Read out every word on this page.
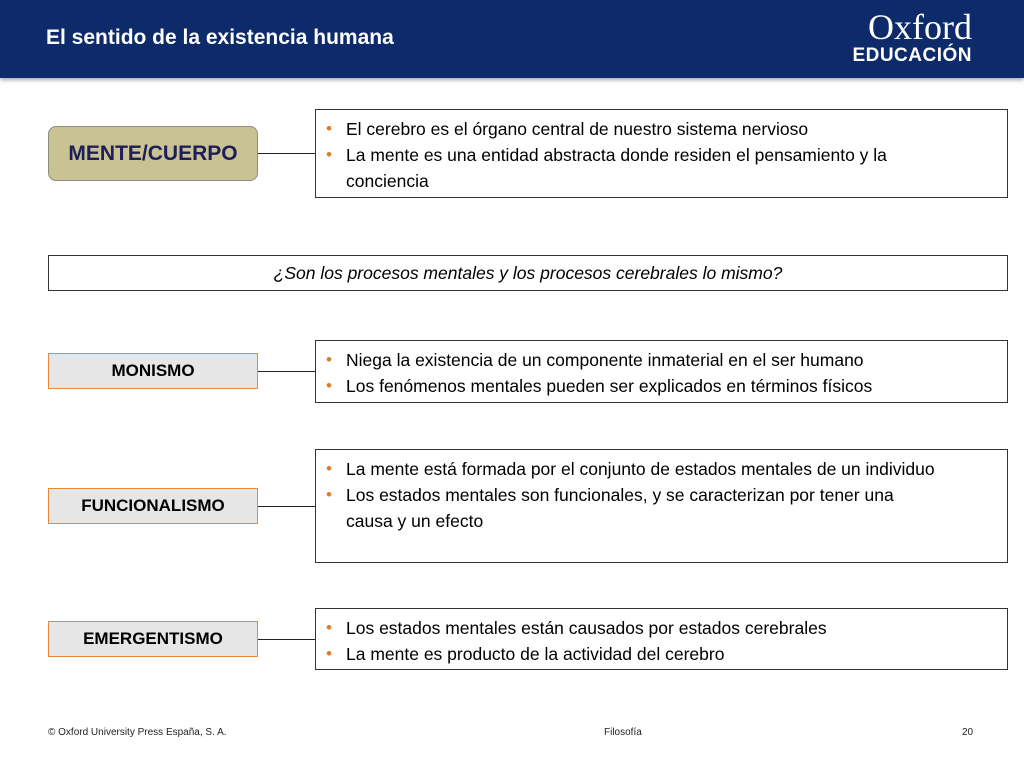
El sentido de la existencia humana	Oxford
EDUCACIÓN
MENTE/CUERPO
• El cerebro es el órgano central de nuestro sistema nervioso
• La mente es una entidad abstracta donde residen el pensamiento y la conciencia
¿Son los procesos mentales y los procesos cerebrales lo mismo?
MONISMO
• Niega la existencia de un componente inmaterial en el ser humano
• Los fenómenos mentales pueden ser explicados en términos físicos
FUNCIONALISMO
• La mente está formada por el conjunto de estados mentales de un individuo
• Los estados mentales son funcionales, y se caracterizan por tener una causa y un efecto
EMERGENTISMO
• Los estados mentales están causados por estados cerebrales
• La mente es producto de la actividad del cerebro
© Oxford University Press España, S. A.	Filosofía	20
